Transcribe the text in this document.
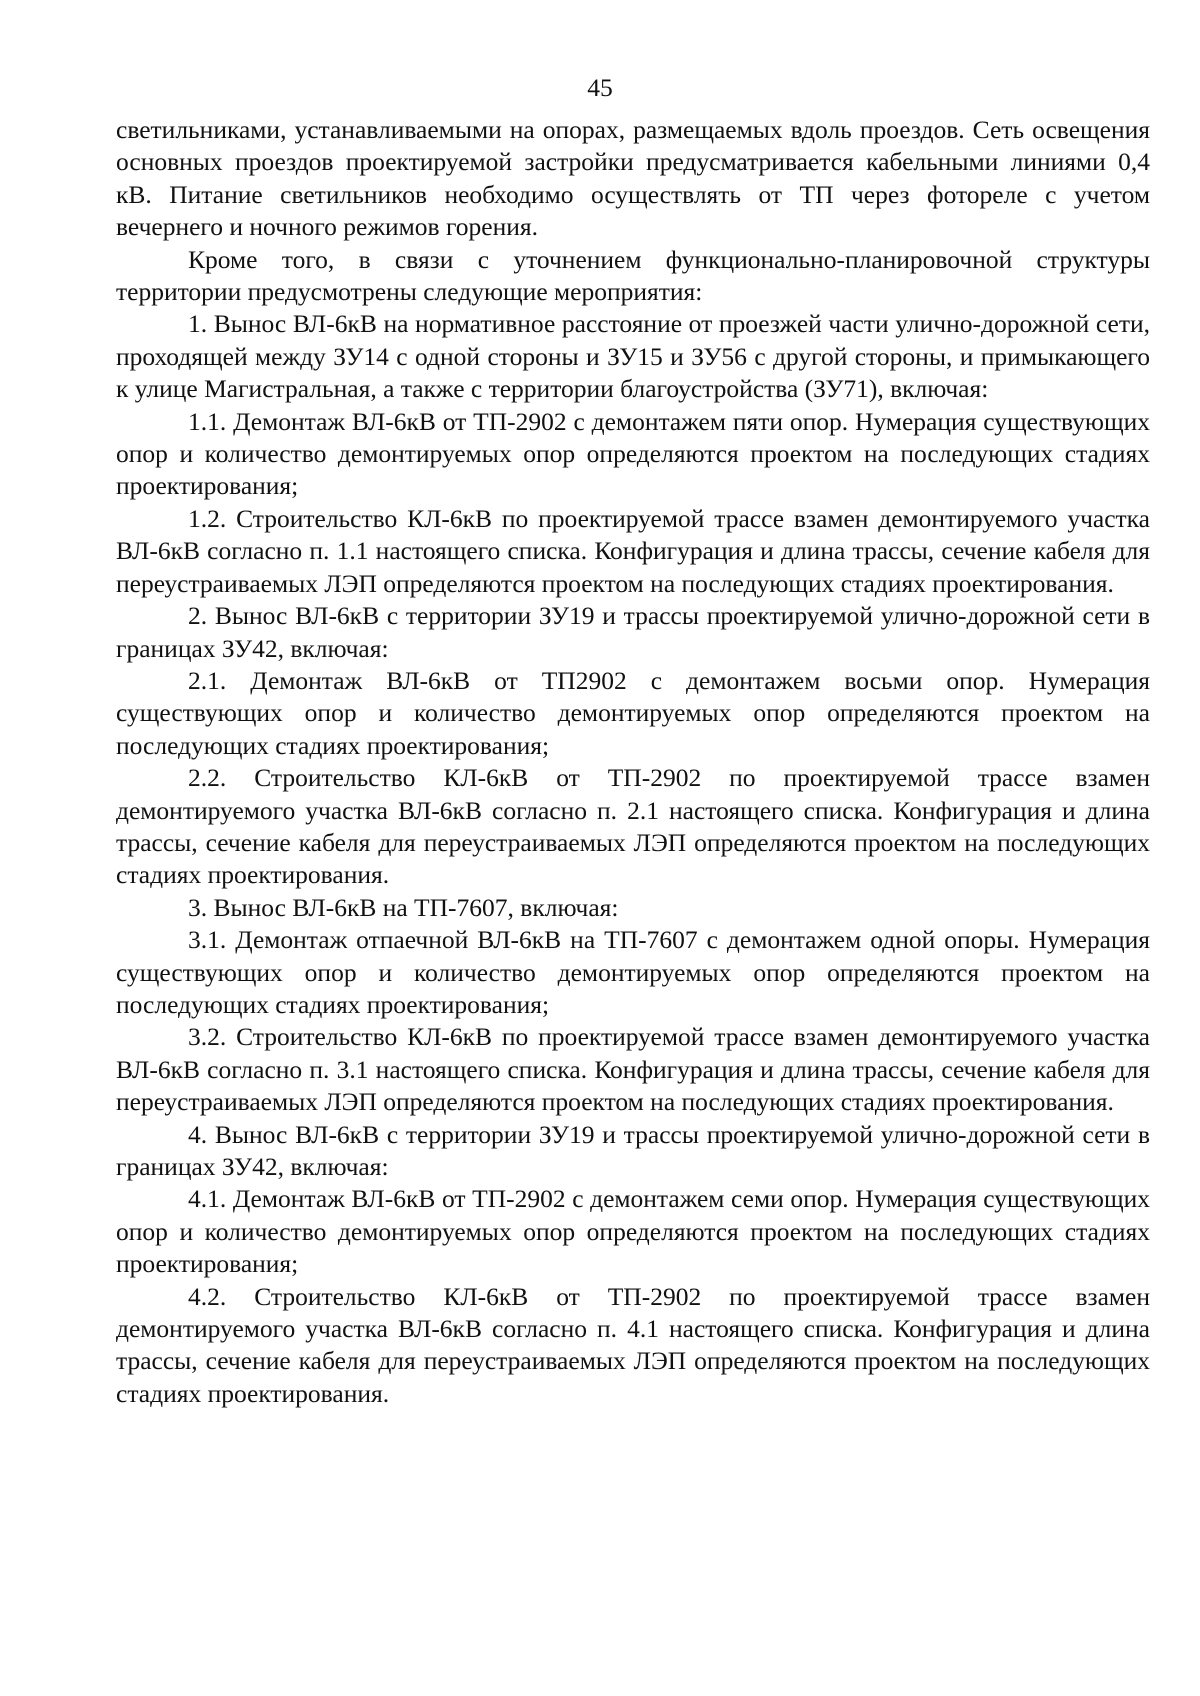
45

светильниками, устанавливаемыми на опорах, размещаемых вдоль проездов. Сеть освещения основных проездов проектируемой застройки предусматривается кабельными линиями 0,4 кВ. Питание светильников необходимо осуществлять от ТП через фотореле с учетом вечернего и ночного режимов горения.

Кроме того, в связи с уточнением функционально-планировочной структуры территории предусмотрены следующие мероприятия:

1. Вынос ВЛ-6кВ на нормативное расстояние от проезжей части улично-дорожной сети, проходящей между ЗУ14 с одной стороны и ЗУ15 и ЗУ56 с другой стороны, и примыкающего к улице Магистральная, а также с территории благоустройства (ЗУ71), включая:

1.1. Демонтаж ВЛ-6кВ от ТП-2902 с демонтажем пяти опор. Нумерация существующих опор и количество демонтируемых опор определяются проектом на последующих стадиях проектирования;

1.2. Строительство КЛ-6кВ по проектируемой трассе взамен демонтируемого участка ВЛ-6кВ согласно п. 1.1 настоящего списка. Конфигурация и длина трассы, сечение кабеля для переустраиваемых ЛЭП определяются проектом на последующих стадиях проектирования.

2. Вынос ВЛ-6кВ с территории ЗУ19 и трассы проектируемой улично-дорожной сети в границах ЗУ42, включая:

2.1. Демонтаж ВЛ-6кВ от ТП2902 с демонтажем восьми опор. Нумерация существующих опор и количество демонтируемых опор определяются проектом на последующих стадиях проектирования;

2.2. Строительство КЛ-6кВ от ТП-2902 по проектируемой трассе взамен демонтируемого участка ВЛ-6кВ согласно п. 2.1 настоящего списка. Конфигурация и длина трассы, сечение кабеля для переустраиваемых ЛЭП определяются проектом на последующих стадиях проектирования.

3. Вынос ВЛ-6кВ на ТП-7607, включая:

3.1. Демонтаж отпаечной ВЛ-6кВ на ТП-7607 с демонтажем одной опоры. Нумерация существующих опор и количество демонтируемых опор определяются проектом на последующих стадиях проектирования;

3.2. Строительство КЛ-6кВ по проектируемой трассе взамен демонтируемого участка ВЛ-6кВ согласно п. 3.1 настоящего списка. Конфигурация и длина трассы, сечение кабеля для переустраиваемых ЛЭП определяются проектом на последующих стадиях проектирования.

4. Вынос ВЛ-6кВ с территории ЗУ19 и трассы проектируемой улично-дорожной сети в границах ЗУ42, включая:

4.1. Демонтаж ВЛ-6кВ от ТП-2902 с демонтажем семи опор. Нумерация существующих опор и количество демонтируемых опор определяются проектом на последующих стадиях проектирования;

4.2. Строительство КЛ-6кВ от ТП-2902 по проектируемой трассе взамен демонтируемого участка ВЛ-6кВ согласно п. 4.1 настоящего списка. Конфигурация и длина трассы, сечение кабеля для переустраиваемых ЛЭП определяются проектом на последующих стадиях проектирования.
